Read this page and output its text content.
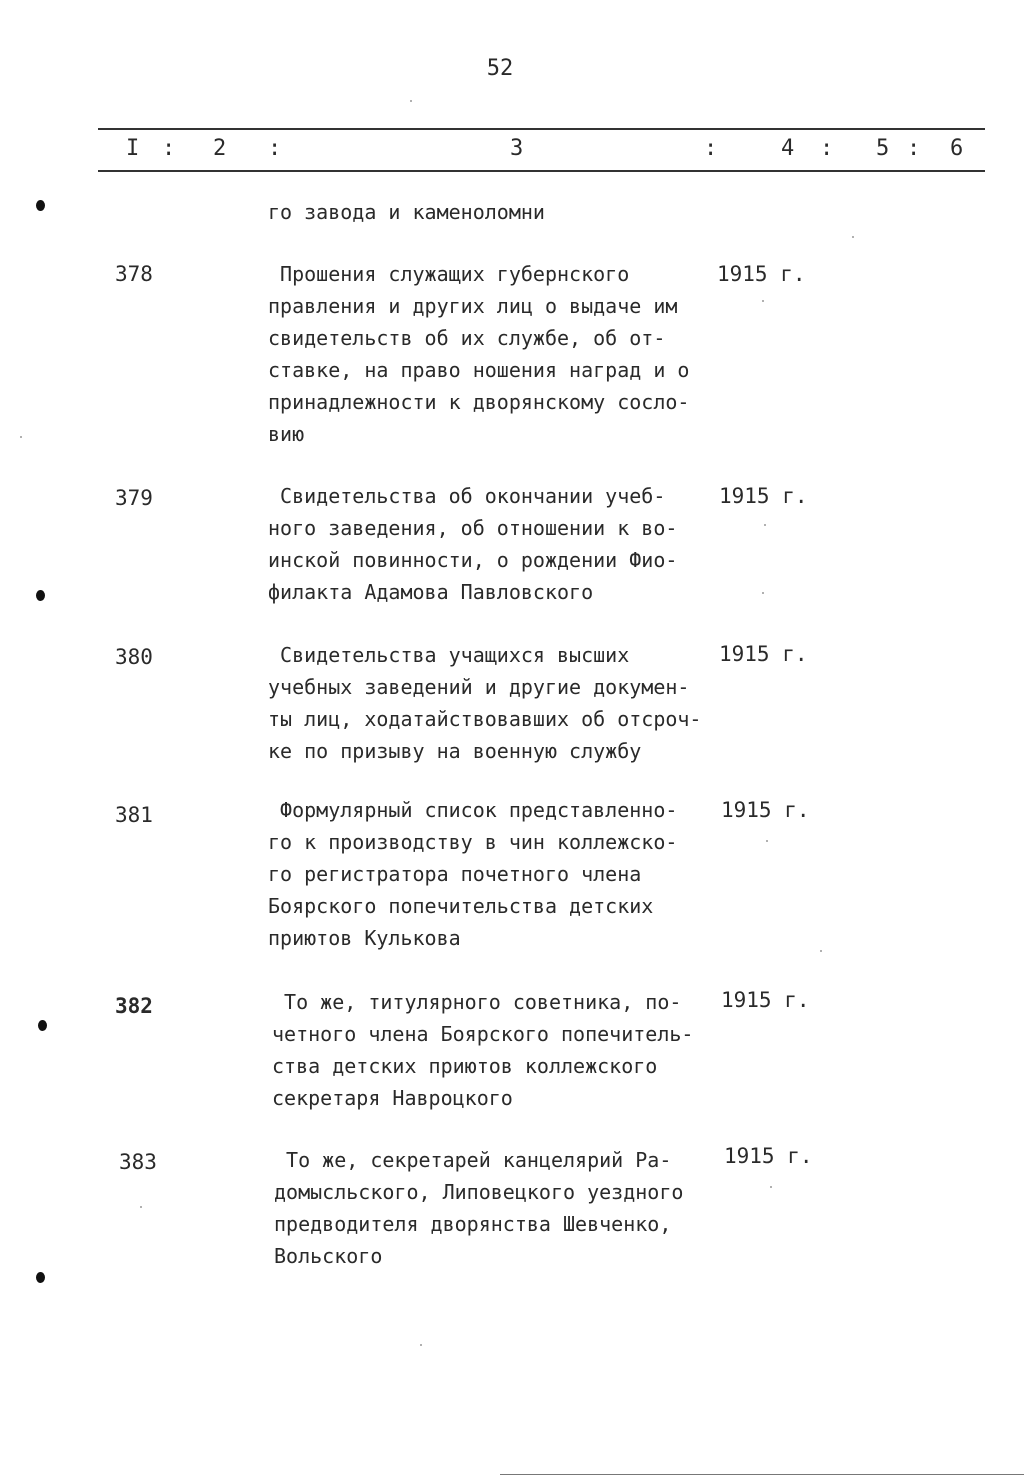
52
I : 2 :	3	:	4 : 5 : 6
го завода и каменоломни
378	Прошения служащих губернского
правления и других лиц о выдаче им
свидетельств об их службе, об от-
ставке, на право ношения наград и о
принадлежности к дворянскому сосло-
вию
1915 г.
379	Свидетельства об окончании учеб-
ного заведения, об отношении к во-
инской повинности, о рождении Фио-
филакта Адамова Павловского
1915 г.
380	Свидетельства учащихся высших
учебных заведений и другие докумен-
ты лиц, ходатайствовавших об отсроч-
ке по призыву на военную службу
1915 г.
381	Формулярный список представленно-
го к производству в чин коллежско-
го регистратора почетного члена
Боярского попечительства детских
приютов Кулькова
1915 г.
382	То же, титулярного советника, по-
четного члена Боярского попечитель-
ства детских приютов коллежского
секретаря Навроцкого
1915 г.
383	То же, секретарей канцелярий Ра-
домысльского, Липовецкого уездного
предводителя дворянства Шевченко,
Вольского
1915 г.
